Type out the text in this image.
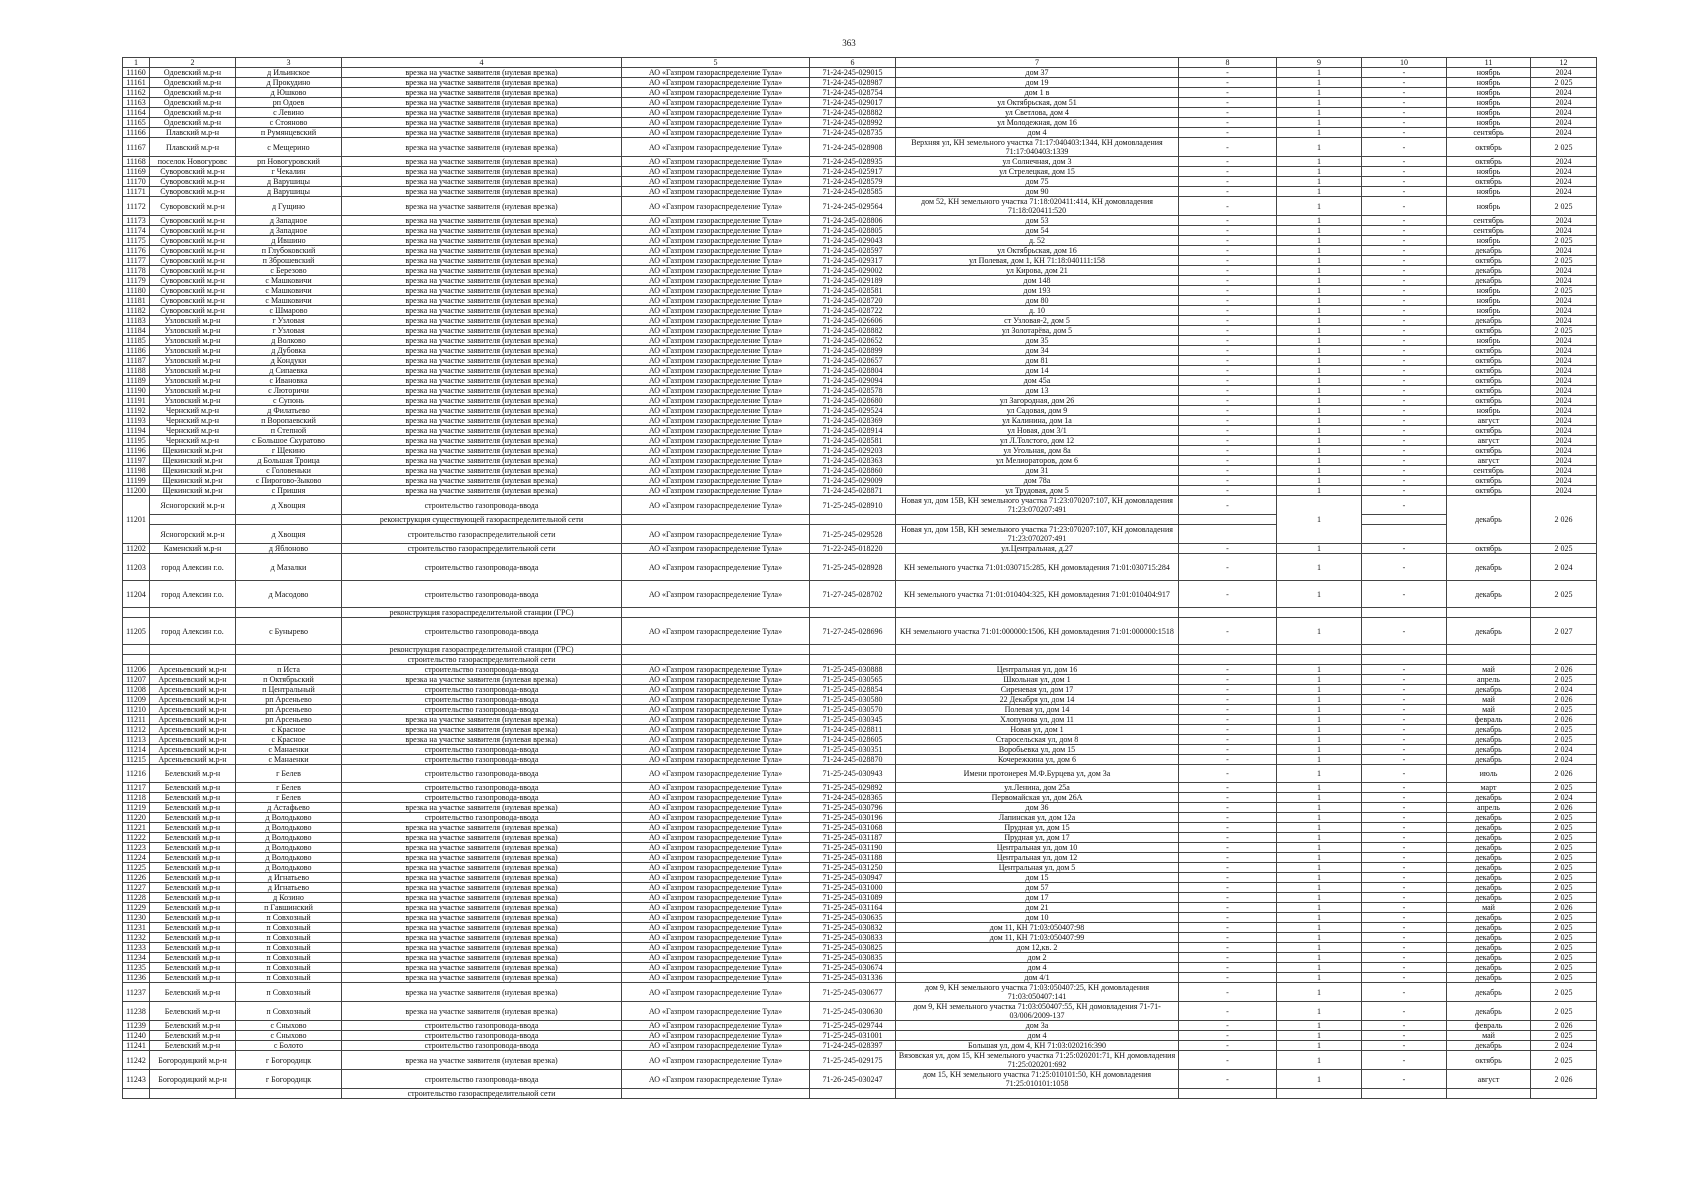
363
1	2	3	4	5	6	7	8	9	10	11	12
11160	Одоевский м.р-н	д Ильинское	врезка на участке заявителя (нулевая врезка)	АО «Газпром газораспределение Тула»	71-24-245-029015	дом 37	-	1	-	ноябрь	2024
11161	Одоевский м.р-н	д Прокудино	врезка на участке заявителя (нулевая врезка)	АО «Газпром газораспределение Тула»	71-24-245-028987	дом 19	-	1	-	ноябрь	2 025
11162	Одоевский м.р-н	д Юшково	врезка на участке заявителя (нулевая врезка)	АО «Газпром газораспределение Тула»	71-24-245-028754	дом 1 в	-	1	-	ноябрь	2024
11163	Одоевский м.р-н	рп Одоев	врезка на участке заявителя (нулевая врезка)	АО «Газпром газораспределение Тула»	71-24-245-029017	ул Октябрьская, дом 51	-	1	-	ноябрь	2024
11164	Одоевский м.р-н	с Левино	врезка на участке заявителя (нулевая врезка)	АО «Газпром газораспределение Тула»	71-24-245-028882	ул Светлова, дом 4	-	1	-	ноябрь	2024
11165	Одоевский м.р-н	с Стояново	врезка на участке заявителя (нулевая врезка)	АО «Газпром газораспределение Тула»	71-24-245-028992	ул Молодежная, дом 16	-	1	-	ноябрь	2024
11166	Плавский м.р-н	п Румянцевский	врезка на участке заявителя (нулевая врезка)	АО «Газпром газораспределение Тула»	71-24-245-028735	дом 4	-	1	-	сентябрь	2024
11167	Плавский м.р-н	с Мещерино	врезка на участке заявителя (нулевая врезка)	АО «Газпром газораспределение Тула»	71-24-245-028908	Верхняя ул, КН земельного участка 71:17:040403:1344, КН домовладения 71:17:040403:1339	-	1	-	октябрь	2 025
11168	поселок Новогуровс	рп Новогуровский	врезка на участке заявителя (нулевая врезка)	АО «Газпром газораспределение Тула»	71-24-245-028935	ул Солнечная, дом 3	-	1	-	октябрь	2024
11169	Суворовский м.р-н	г Чекалин	врезка на участке заявителя (нулевая врезка)	АО «Газпром газораспределение Тула»	71-24-245-025917	ул Стрелецкая, дом 15	-	1	-	ноябрь	2024
11170	Суворовский м.р-н	д Варушицы	врезка на участке заявителя (нулевая врезка)	АО «Газпром газораспределение Тула»	71-24-245-028579	дом 75	-	1	-	октябрь	2024
11171	Суворовский м.р-н	д Варушицы	врезка на участке заявителя (нулевая врезка)	АО «Газпром газораспределение Тула»	71-24-245-028585	дом 90	-	1	-	ноябрь	2024
11172	Суворовский м.р-н	д Гущино	врезка на участке заявителя (нулевая врезка)	АО «Газпром газораспределение Тула»	71-24-245-029564	дом 52, КН земельного участка 71:18:020411:414, КН домовладения 71:18:020411:520	-	1	-	ноябрь	2 025
11173	Суворовский м.р-н	д Западное	врезка на участке заявителя (нулевая врезка)	АО «Газпром газораспределение Тула»	71-24-245-028806	дом 53	-	1	-	сентябрь	2024
11174	Суворовский м.р-н	д Западное	врезка на участке заявителя (нулевая врезка)	АО «Газпром газораспределение Тула»	71-24-245-028805	дом 54	-	1	-	сентябрь	2024
11175	Суворовский м.р-н	д Ившино	врезка на участке заявителя (нулевая врезка)	АО «Газпром газораспределение Тула»	71-24-245-029043	д. 52	-	1	-	ноябрь	2 025
11176	Суворовский м.р-н	п Глубоковский	врезка на участке заявителя (нулевая врезка)	АО «Газпром газораспределение Тула»	71-24-245-028597	ул Октябрьская, дом 16	-	1	-	декабрь	2024
11177	Суворовский м.р-н	п Зброшевский	врезка на участке заявителя (нулевая врезка)	АО «Газпром газораспределение Тула»	71-24-245-029317	ул Полевая, дом 1, КН 71:18:040111:158	-	1	-	октябрь	2 025
11178	Суворовский м.р-н	с Березово	врезка на участке заявителя (нулевая врезка)	АО «Газпром газораспределение Тула»	71-24-245-029002	ул Кирова, дом 21	-	1	-	декабрь	2024
11179	Суворовский м.р-н	с Машковичи	врезка на участке заявителя (нулевая врезка)	АО «Газпром газораспределение Тула»	71-24-245-029189	дом 148	-	1	-	декабрь	2024
11180	Суворовский м.р-н	с Машковичи	врезка на участке заявителя (нулевая врезка)	АО «Газпром газораспределение Тула»	71-24-245-028581	дом 193	-	1	-	ноябрь	2 025
11181	Суворовский м.р-н	с Машковичи	врезка на участке заявителя (нулевая врезка)	АО «Газпром газораспределение Тула»	71-24-245-028720	дом 80	-	1	-	ноябрь	2024
11182	Суворовский м.р-н	с Шмарово	врезка на участке заявителя (нулевая врезка)	АО «Газпром газораспределение Тула»	71-24-245-028722	д. 10	-	1	-	ноябрь	2024
11183	Узловский м.р-н	г Узловая	врезка на участке заявителя (нулевая врезка)	АО «Газпром газораспределение Тула»	71-24-245-026606	ст Узловая-2, дом 5	-	1	-	декабрь	2024
11184	Узловский м.р-н	г Узловая	врезка на участке заявителя (нулевая врезка)	АО «Газпром газораспределение Тула»	71-24-245-028882	ул Золотарёва, дом 5	-	1	-	октябрь	2 025
11185	Узловский м.р-н	д Волково	врезка на участке заявителя (нулевая врезка)	АО «Газпром газораспределение Тула»	71-24-245-028652	дом 35	-	1	-	ноябрь	2024
11186	Узловский м.р-н	д Дубовка	врезка на участке заявителя (нулевая врезка)	АО «Газпром газораспределение Тула»	71-24-245-028899	дом 34	-	1	-	октябрь	2024
11187	Узловский м.р-н	д Кондуки	врезка на участке заявителя (нулевая врезка)	АО «Газпром газораспределение Тула»	71-24-245-028657	дом 81	-	1	-	октябрь	2024
11188	Узловский м.р-н	д Сипаевка	врезка на участке заявителя (нулевая врезка)	АО «Газпром газораспределение Тула»	71-24-245-028804	дом 14	-	1	-	октябрь	2024
11189	Узловский м.р-н	с Ивановка	врезка на участке заявителя (нулевая врезка)	АО «Газпром газораспределение Тула»	71-24-245-029094	дом 45а	-	1	-	октябрь	2024
11190	Узловский м.р-н	с Люторичи	врезка на участке заявителя (нулевая врезка)	АО «Газпром газораспределение Тула»	71-24-245-028578	дом 13	-	1	-	октябрь	2024
11191	Узловский м.р-н	с Супонь	врезка на участке заявителя (нулевая врезка)	АО «Газпром газораспределение Тула»	71-24-245-028680	ул Загородная, дом 26	-	1	-	октябрь	2024
11192	Чернский м.р-н	д Филатьево	врезка на участке заявителя (нулевая врезка)	АО «Газпром газораспределение Тула»	71-24-245-029524	ул Садовая, дом 9	-	1	-	ноябрь	2024
11193	Чернский м.р-н	п Воропаевский	врезка на участке заявителя (нулевая врезка)	АО «Газпром газораспределение Тула»	71-24-245-028369	ул Калинина, дом 1а	-	1	-	август	2024
11194	Чернский м.р-н	п Степной	врезка на участке заявителя (нулевая врезка)	АО «Газпром газораспределение Тула»	71-24-245-028914	ул Новая, дом 3/1	-	1	-	октябрь	2024
11195	Чернский м.р-н	с Большое Скуратово	врезка на участке заявителя (нулевая врезка)	АО «Газпром газораспределение Тула»	71-24-245-028581	ул Л.Толстого, дом 12	-	1	-	август	2024
11196	Щекинский м.р-н	г Щекино	врезка на участке заявителя (нулевая врезка)	АО «Газпром газораспределение Тула»	71-24-245-029203	ул Угольная, дом 8а	-	1	-	октябрь	2024
11197	Щекинский м.р-н	д Большая Троица	врезка на участке заявителя (нулевая врезка)	АО «Газпром газораспределение Тула»	71-24-245-028363	ул Мелиораторов, дом 6	-	1	-	август	2024
11198	Щекинский м.р-н	с Головеньки	врезка на участке заявителя (нулевая врезка)	АО «Газпром газораспределение Тула»	71-24-245-028860	дом 31	-	1	-	сентябрь	2024
11199	Щекинский м.р-н	с Пирогово-Зыково	врезка на участке заявителя (нулевая врезка)	АО «Газпром газораспределение Тула»	71-24-245-029009	дом 78а	-	1	-	октябрь	2024
11200	Щекинский м.р-н	с Пришня	врезка на участке заявителя (нулевая врезка)	АО «Газпром газораспределение Тула»	71-24-245-028871	ул Трудовая, дом 5	-	1	-	октябрь	2024
11201	Ясногорский м.р-н	д Хвощня	строительство газопровода-ввода	АО «Газпром газораспределение Тула»	71-25-245-028910	Новая ул, дом 15В, КН земельного участка 71:23:070207:107, КН домовладения 71:23:070207:491	-	1	-	декабрь	2 026
			реконструкция существующей газораспределительной сети								
	Ясногорский м.р-н	д Хвощня	строительство газораспределительной сети	АО «Газпром газораспределение Тула»	71-25-245-029528	Новая ул, дом 15В, КН земельного участка 71:23:070207:107, КН домовладения 71:23:070207:491					
11202	Каменский м.р-н	д Яблоново	строительство газораспределительной сети	АО «Газпром газораспределение Тула»	71-22-245-018220	ул.Центральная, д.27	-	1	-	октябрь	2 025
11203	город Алексин г.о.	д Мазалки	строительство газопровода-ввода	АО «Газпром газораспределение Тула»	71-25-245-028928	КН земельного участка 71:01:030715:285, КН домовладения 71:01:030715:284	-	1	-	декабрь	2 024
11204	город Алексин г.о.	д Масодово	строительство газопровода-ввода	АО «Газпром газораспределение Тула»	71-27-245-028702	КН земельного участка 71:01:010404:325, КН домовладения 71:01:010404:917	-	1	-	декабрь	2 025
			реконструкция газораспределительной станции (ГРС)								
11205	город Алексин г.о.	с Бунырево	строительство газопровода-ввода	АО «Газпром газораспределение Тула»	71-27-245-028696	КН земельного участка 71:01:000000:1506, КН домовладения 71:01:000000:1518	-	1	-	декабрь	2 027
			реконструкция газораспределительной станции (ГРС)								
			строительство газораспределительной сети								
11206	Арсеньевский м.р-н	п Иста	строительство газопровода-ввода	АО «Газпром газораспределение Тула»	71-25-245-030888	Центральная ул, дом 16	-	1	-	май	2 026
11207	Арсеньевский м.р-н	п Октябрьский	врезка на участке заявителя (нулевая врезка)	АО «Газпром газораспределение Тула»	71-25-245-030565	Школьная ул, дом 1	-	1	-	апрель	2 025
11208	Арсеньевский м.р-н	п Центральный	строительство газопровода-ввода	АО «Газпром газораспределение Тула»	71-25-245-028854	Сиреневая ул, дом 17	-	1	-	декабрь	2 024
11209	Арсеньевский м.р-н	рп Арсеньево	строительство газопровода-ввода	АО «Газпром газораспределение Тула»	71-25-245-030580	22 Декабря ул, дом 14	-	1	-	май	2 026
11210	Арсеньевский м.р-н	рп Арсеньево	строительство газопровода-ввода	АО «Газпром газораспределение Тула»	71-25-245-030570	Полевая ул, дом 14	-	1	-	май	2 025
11211	Арсеньевский м.р-н	рп Арсеньево	врезка на участке заявителя (нулевая врезка)	АО «Газпром газораспределение Тула»	71-25-245-030345	Хлопунова ул, дом 11	-	1	-	февраль	2 026
11212	Арсеньевский м.р-н	с Красное	врезка на участке заявителя (нулевая врезка)	АО «Газпром газораспределение Тула»	71-24-245-028811	Новая ул, дом 1	-	1	-	декабрь	2 025
11213	Арсеньевский м.р-н	с Красное	врезка на участке заявителя (нулевая врезка)	АО «Газпром газораспределение Тула»	71-24-245-028605	Старосельская ул, дом 8	-	1	-	декабрь	2 025
11214	Арсеньевский м.р-н	с Манаенки	строительство газопровода-ввода	АО «Газпром газораспределение Тула»	71-25-245-030351	Воробьевка ул, дом 15	-	1	-	декабрь	2 024
11215	Арсеньевский м.р-н	с Манаенки	строительство газопровода-ввода	АО «Газпром газораспределение Тула»	71-24-245-028870	Кочережкина ул, дом 6	-	1	-	декабрь	2 024
11216	Белевский м.р-н	г Белев	строительство газопровода-ввода	АО «Газпром газораспределение Тула»	71-25-245-030943	Имени протоиерея М.Ф.Бурцева ул, дом 3а	-	1	-	июль	2 026
11217	Белевский м.р-н	г Белев	строительство газопровода-ввода	АО «Газпром газораспределение Тула»	71-25-245-029892	ул.Ленина, дом 25а	-	1	-	март	2 025
11218	Белевский м.р-н	г Белев	строительство газопровода-ввода	АО «Газпром газораспределение Тула»	71-24-245-028365	Первомайская ул, дом 26А	-	1	-	декабрь	2 024
11219	Белевский м.р-н	д Астафьево	врезка на участке заявителя (нулевая врезка)	АО «Газпром газораспределение Тула»	71-25-245-030796	дом 36	-	1	-	апрель	2 026
11220	Белевский м.р-н	д Володьково	строительство газопровода-ввода	АО «Газпром газораспределение Тула»	71-25-245-030196	Лапинская ул, дом 12а	-	1	-	декабрь	2 025
11221	Белевский м.р-н	д Володьково	врезка на участке заявителя (нулевая врезка)	АО «Газпром газораспределение Тула»	71-25-245-031068	Прудная ул, дом 15	-	1	-	декабрь	2 025
11222	Белевский м.р-н	д Володьково	врезка на участке заявителя (нулевая врезка)	АО «Газпром газораспределение Тула»	71-25-245-031187	Прудная ул, дом 17	-	1	-	декабрь	2 025
11223	Белевский м.р-н	д Володьково	врезка на участке заявителя (нулевая врезка)	АО «Газпром газораспределение Тула»	71-25-245-031190	Центральная ул, дом 10	-	1	-	декабрь	2 025
11224	Белевский м.р-н	д Володьково	врезка на участке заявителя (нулевая врезка)	АО «Газпром газораспределение Тула»	71-25-245-031188	Центральная ул, дом 12	-	1	-	декабрь	2 025
11225	Белевский м.р-н	д Володьково	врезка на участке заявителя (нулевая врезка)	АО «Газпром газораспределение Тула»	71-25-245-031250	Центральная ул, дом 5	-	1	-	декабрь	2 025
11226	Белевский м.р-н	д Игнатьево	врезка на участке заявителя (нулевая врезка)	АО «Газпром газораспределение Тула»	71-25-245-030947	дом 15	-	1	-	декабрь	2 025
11227	Белевский м.р-н	д Игнатьево	врезка на участке заявителя (нулевая врезка)	АО «Газпром газораспределение Тула»	71-25-245-031000	дом 57	-	1	-	декабрь	2 025
11228	Белевский м.р-н	д Козино	врезка на участке заявителя (нулевая врезка)	АО «Газпром газораспределение Тула»	71-25-245-031089	дом 17	-	1	-	декабрь	2 025
11229	Белевский м.р-н	п Гавшинский	врезка на участке заявителя (нулевая врезка)	АО «Газпром газораспределение Тула»	71-25-245-031164	дом 21	-	1	-	май	2 026
11230	Белевский м.р-н	п Совхозный	врезка на участке заявителя (нулевая врезка)	АО «Газпром газораспределение Тула»	71-25-245-030635	дом 10	-	1	-	декабрь	2 025
11231	Белевский м.р-н	п Совхозный	врезка на участке заявителя (нулевая врезка)	АО «Газпром газораспределение Тула»	71-25-245-030832	дом 11, КН 71:03:050407:98	-	1	-	декабрь	2 025
11232	Белевский м.р-н	п Совхозный	врезка на участке заявителя (нулевая врезка)	АО «Газпром газораспределение Тула»	71-25-245-030833	дом 11, КН 71:03:050407:99	-	1	-	декабрь	2 025
11233	Белевский м.р-н	п Совхозный	врезка на участке заявителя (нулевая врезка)	АО «Газпром газораспределение Тула»	71-25-245-030825	дом 12,кв. 2	-	1	-	декабрь	2 025
11234	Белевский м.р-н	п Совхозный	врезка на участке заявителя (нулевая врезка)	АО «Газпром газораспределение Тула»	71-25-245-030835	дом 2	-	1	-	декабрь	2 025
11235	Белевский м.р-н	п Совхозный	врезка на участке заявителя (нулевая врезка)	АО «Газпром газораспределение Тула»	71-25-245-030674	дом 4	-	1	-	декабрь	2 025
11236	Белевский м.р-н	п Совхозный	врезка на участке заявителя (нулевая врезка)	АО «Газпром газораспределение Тула»	71-25-245-031336	дом 4/1	-	1	-	декабрь	2 025
11237	Белевский м.р-н	п Совхозный	врезка на участке заявителя (нулевая врезка)	АО «Газпром газораспределение Тула»	71-25-245-030677	дом 9, КН земельного участка 71:03:050407:25, КН домовладения 71:03:050407:141	-	1	-	декабрь	2 025
11238	Белевский м.р-н	п Совхозный	врезка на участке заявителя (нулевая врезка)	АО «Газпром газораспределение Тула»	71-25-245-030630	дом 9, КН земельного участка 71:03:050407:55, КН домовладения 71-71-03/006/2009-137	-	1	-	декабрь	2 025
11239	Белевский м.р-н	с Сныхово	строительство газопровода-ввода	АО «Газпром газораспределение Тула»	71-25-245-029744	дом 3а	-	1	-	февраль	2 026
11240	Белевский м.р-н	с Сныхово	строительство газопровода-ввода	АО «Газпром газораспределение Тула»	71-25-245-031001	дом 4	-	1	-	май	2 025
11241	Белевский м.р-н	с Болото	строительство газопровода-ввода	АО «Газпром газораспределение Тула»	71-24-245-028397	Большая ул, дом 4, КН 71:03:020216:390	-	1	-	декабрь	2 024
11242	Богородицкий м.р-н	г Богородицк	врезка на участке заявителя (нулевая врезка)	АО «Газпром газораспределение Тула»	71-25-245-029175	Вязовская ул, дом 15, КН земельного участка 71:25:020201:71, КН домовладения 71:25:020201:692	-	1	-	октябрь	2 025
11243	Богородицкий м.р-н	г Богородицк	строительство газопровода-ввода	АО «Газпром газораспределение Тула»	71-26-245-030247	дом 15, КН земельного участка 71:25:010101:50, КН домовладения 71:25:010101:1058	-	1	-	август	2 026
			строительство газораспределительной сети								
